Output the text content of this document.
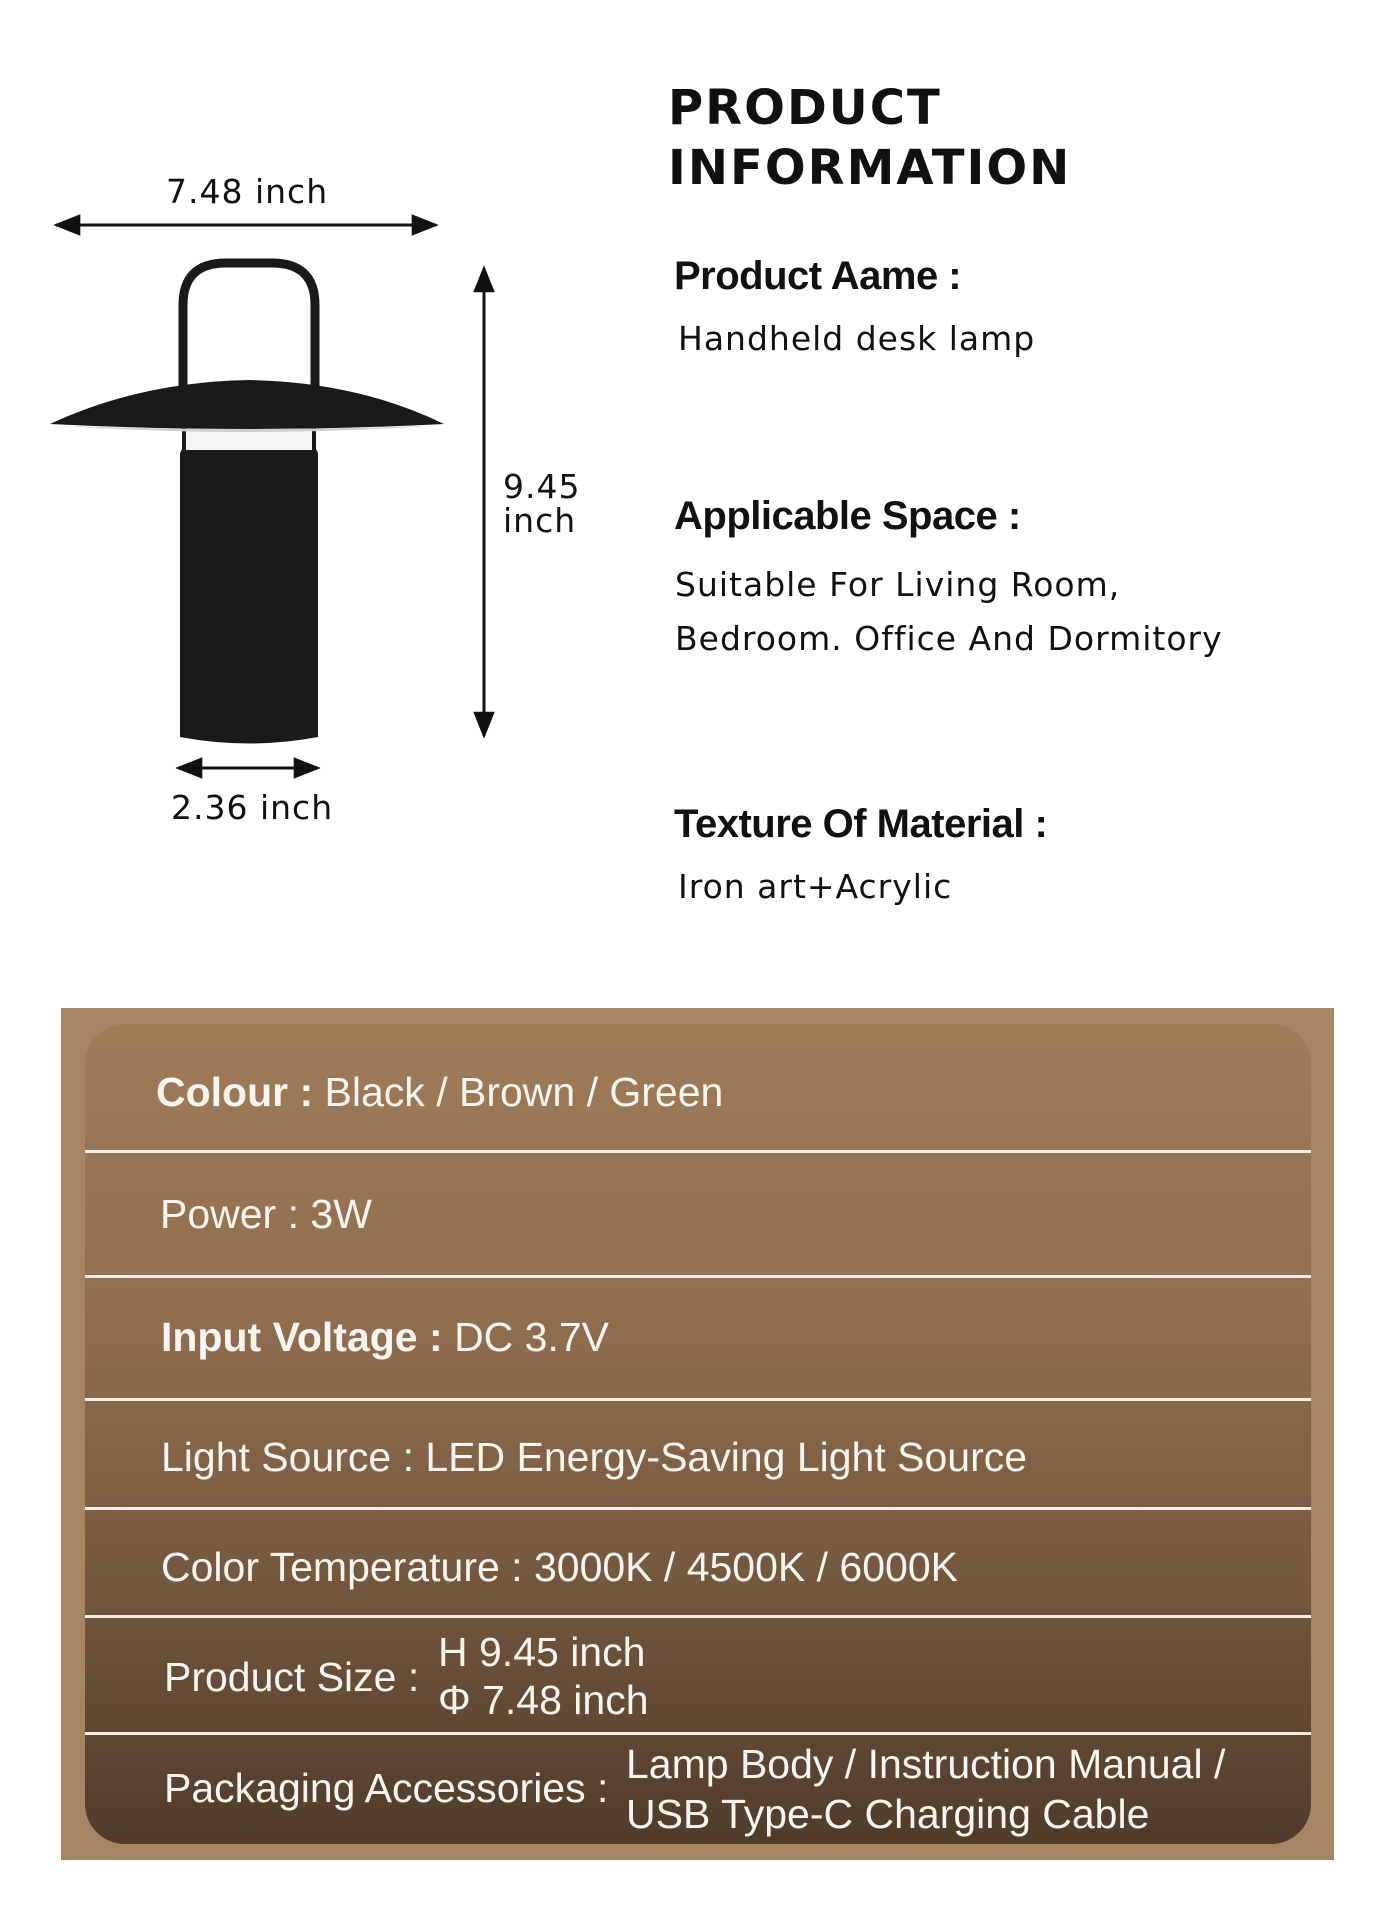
7.48 inch
9.45
inch
2.36 inch
PRODUCT
INFORMATION
Product Aame :
Handheld desk lamp
Applicable Space :
Suitable For Living Room,
Bedroom. Office And Dormitory
Texture Of Material :
Iron art+Acrylic
Colour : Black / Brown / Green
Power : 3W
Input Voltage : DC 3.7V
Light Source : LED Energy-Saving Light Source
Color Temperature : 3000K / 4500K / 6000K
Product Size :
H 9.45 inch
Φ 7.48 inch
Packaging Accessories :
Lamp Body / Instruction Manual /
USB Type-C Charging Cable
